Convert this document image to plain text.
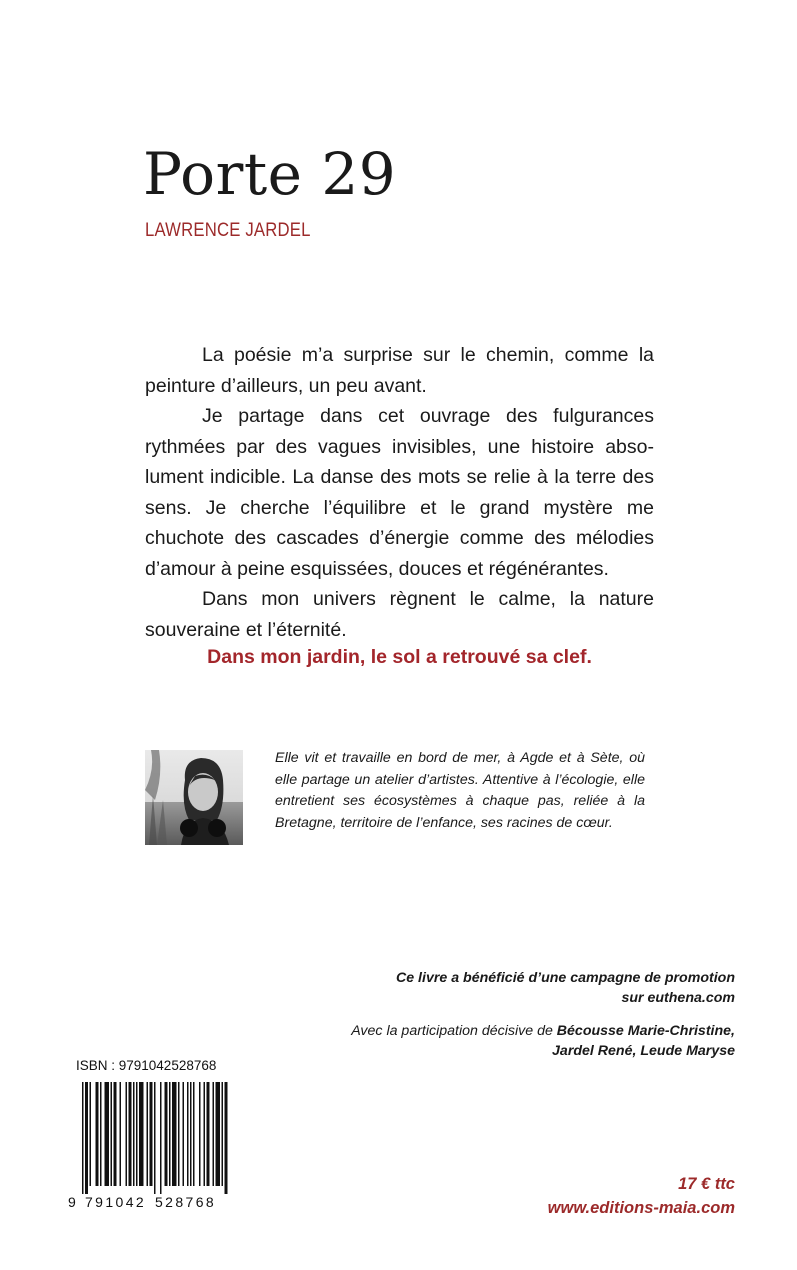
Porte 29
LAWRENCE JARDEL

La poésie m’a surprise sur le chemin, comme la peinture d’ailleurs, un peu avant.

Je partage dans cet ouvrage des fulgurances rythmées par des vagues invisibles, une histoire absolument indicible. La danse des mots se relie à la terre des sens. Je cherche l’équilibre et le grand mystère me chuchote des cascades d’énergie comme des mélodies d’amour à peine esquissées, douces et régénérantes.

Dans mon univers règnent le calme, la nature souveraine et l’éternité.

Dans mon jardin, le sol a retrouvé sa clef.

Elle vit et travaille en bord de mer, à Agde et à Sète, où elle partage un atelier d’artistes. Attentive à l’écologie, elle entretient ses écosystèmes à chaque pas, reliée à la Bretagne, territoire de l’enfance, ses racines de cœur.

Ce livre a bénéficié d’une campagne de promotion
sur euthena.com
Avec la participation décisive de Bécousse Marie-Christine,
Jardel René, Leude Maryse
ISBN : 9791042528768
9 791042 528768
17 € ttc
www.editions-maia.com
